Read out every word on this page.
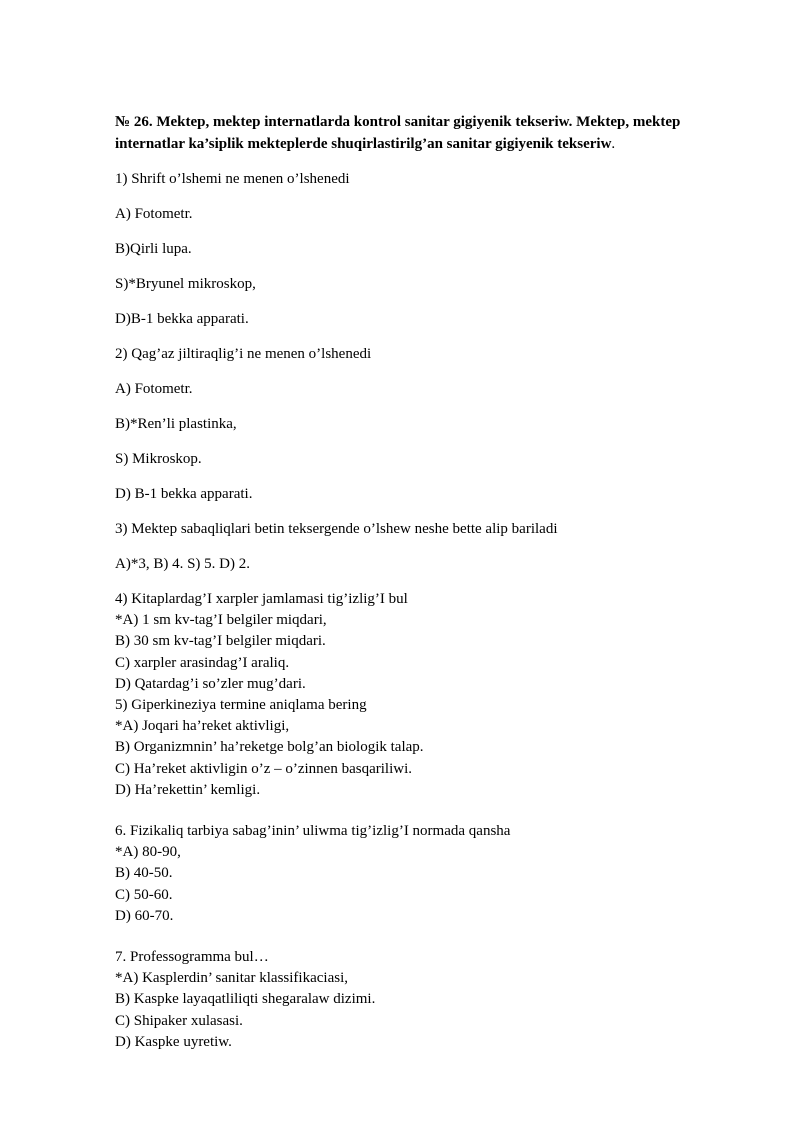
№ 26. Mektep, mektep internatlarda kontrol sanitar gigiyenik tekseriw. Mektep, mektep internatlar ka’siplik mekteplerde shuqirlastirilg’an sanitar gigiyenik tekseriw.
1) Shrift o’lshemi ne menen o’lshenedi
A) Fotometr.
B)Qirli lupa.
S)*Bryunel mikroskop,
D)B-1 bekka apparati.
2) Qag’az jiltiraqlig’i ne menen o’lshenedi
A) Fotometr.
B)*Ren’li plastinka,
S) Mikroskop.
D) B-1 bekka apparati.
3) Mektep sabaqliqlari betin teksergende o’lshew neshe bette alip bariladi
A)*3, B) 4. S) 5. D) 2.
4) Kitaplardag’I xarpler jamlamasi tig’izlig’I bul
*A) 1 sm kv-tag’I belgiler miqdari,
B) 30 sm kv-tag’I belgiler miqdari.
C) xarpler arasindag’I araliq.
D) Qatardag’i so’zler mug’dari.
5) Giperkineziya termine aniqlama bering
*A) Joqari ha’reket aktivligi,
B) Organizmnin’ ha’reketge bolg’an biologik talap.
C) Ha’reket aktivligin o’z – o’zinnen basqariliwi.
D) Ha’rekettin’ kemligi.
6. Fizikaliq tarbiya sabag’inin’ uliwma tig’izlig’I normada qansha
*A) 80-90,
B) 40-50.
C) 50-60.
D) 60-70.
7. Professogramma bul…
*A) Kasplerdin’ sanitar klassifikaciasi,
B) Kaspke layaqatliliqti shegaralaw dizimi.
C) Shipaker xulasasi.
D) Kaspke uyretiw.
